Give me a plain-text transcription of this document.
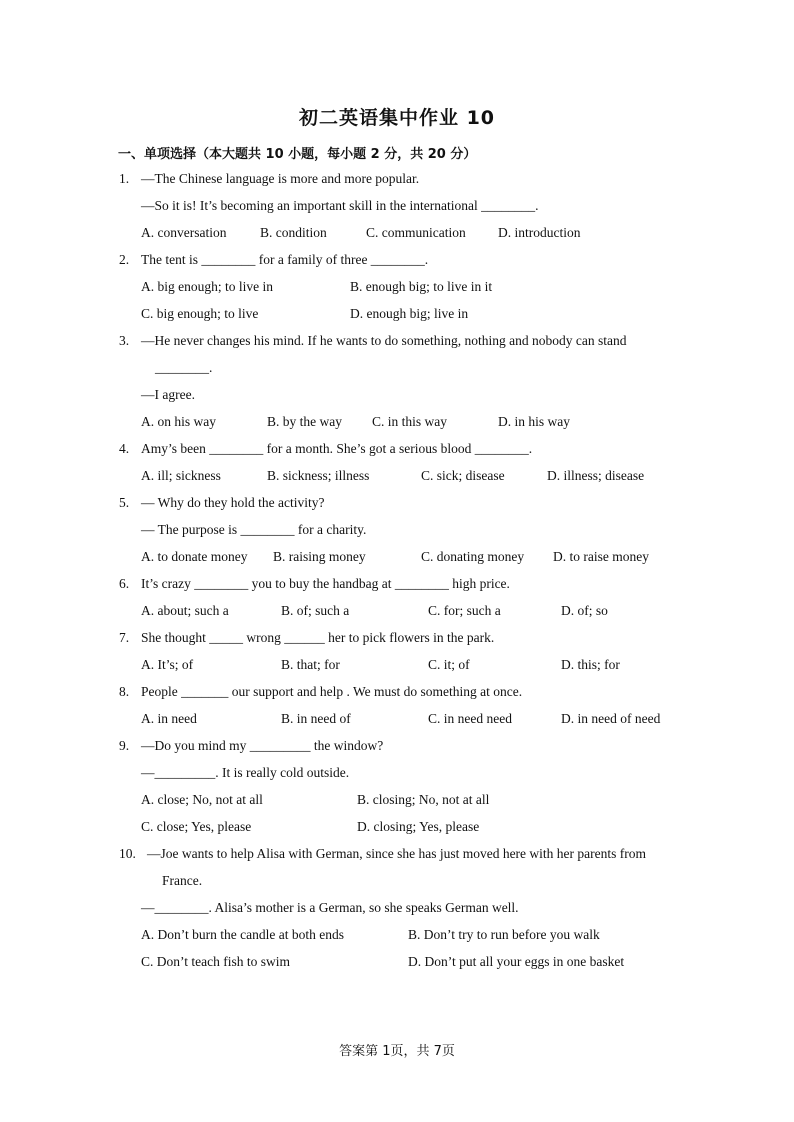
初二英语集中作业 10
一、单项选择（本大题共 10 小题，每小题 2 分，共 20 分）
1. —The Chinese language is more and more popular.
—So it is! It’s becoming an important skill in the international ________.
A. conversation B. condition	C. communication D. introduction
2. The tent is ________ for a family of three ________.
A. big enough; to live in	B. enough big; to live in it
C. big enough; to live	D. enough big; live in
3. —He never changes his mind. If he wants to do something, nothing and nobody can stand
________.
—I agree.
A. on his way	B. by the way C. in this way	D. in his way
4. Amy’s been ________ for a month. She’s got a serious blood ________.
A. ill; sickness	B. sickness; illness	C. sick; disease	D. illness; disease
5. — Why do they hold the activity?
— The purpose is ________ for a charity.
A. to donate money B. raising money	C. donating money D. to raise money
6. It’s crazy ________ you to buy the handbag at ________ high price.
A. about; such a	B. of; such a	C. for; such a	D. of; so
7. She thought _____ wrong ______ her to pick flowers in the park.
A. It’s; of	B. that; for	C. it; of	D. this; for
8. People _______ our support and help . We must do something at once.
A. in need	B. in need of	C. in need need	D. in need of need
9. —Do you mind my _________ the window?
—_________. It is really cold outside.
A. close; No, not at all	B. closing; No, not at all
C. close; Yes, please	D. closing; Yes, please
10. —Joe wants to help Alisa with German, since she has just moved here with her parents from
France.
—________. Alisa’s mother is a German, so she speaks German well.
A. Don’t burn the candle at both ends	B. Don’t try to run before you walk
C. Don’t teach fish to swim	D. Don’t put all your eggs in one basket
答案第 1页，共 7页
